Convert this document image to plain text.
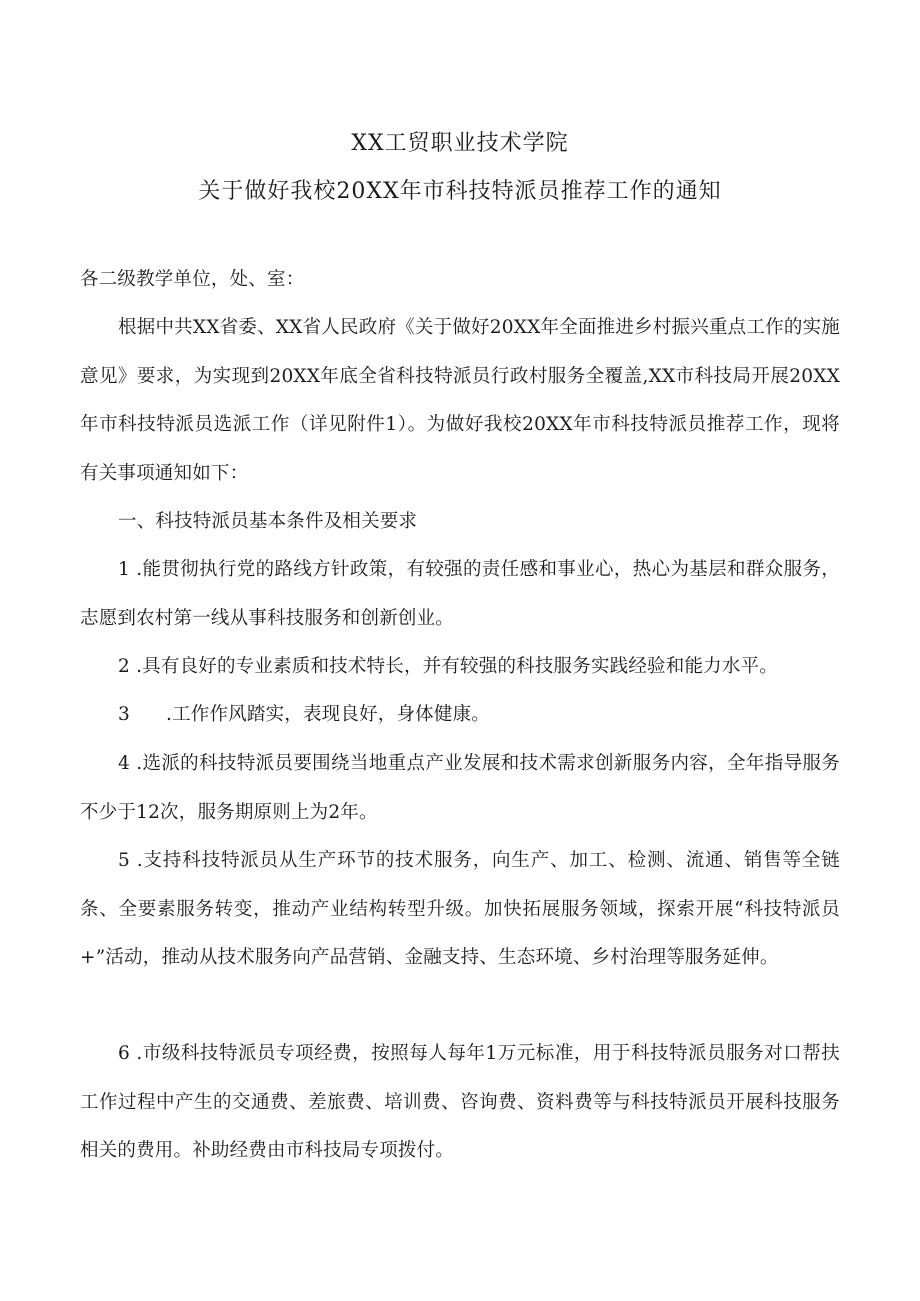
XX工贸职业技术学院
关于做好我校20XX年市科技特派员推荐工作的通知
各二级教学单位，处、室：
根据中共XX省委、XX省人民政府《关于做好20XX年全面推进乡村振兴重点工作的实施意见》要求，为实现到20XX年底全省科技特派员行政村服务全覆盖,XX市科技局开展20XX年市科技特派员选派工作（详见附件1）。为做好我校20XX年市科技特派员推荐工作，现将有关事项通知如下：
一、科技特派员基本条件及相关要求
1 .能贯彻执行党的路线方针政策，有较强的责任感和事业心，热心为基层和群众服务，志愿到农村第一线从事科技服务和创新创业。
2 .具有良好的专业素质和技术特长，并有较强的科技服务实践经验和能力水平。
3 .工作作风踏实，表现良好，身体健康。
4 .选派的科技特派员要围绕当地重点产业发展和技术需求创新服务内容，全年指导服务不少于12次，服务期原则上为2年。
5 .支持科技特派员从生产环节的技术服务，向生产、加工、检测、流通、销售等全链条、全要素服务转变，推动产业结构转型升级。加快拓展服务领域，探索开展“科技特派员+”活动，推动从技术服务向产品营销、金融支持、生态环境、乡村治理等服务延伸。
6 .市级科技特派员专项经费，按照每人每年1万元标准，用于科技特派员服务对口帮扶工作过程中产生的交通费、差旅费、培训费、咨询费、资料费等与科技特派员开展科技服务相关的费用。补助经费由市科技局专项拨付。
